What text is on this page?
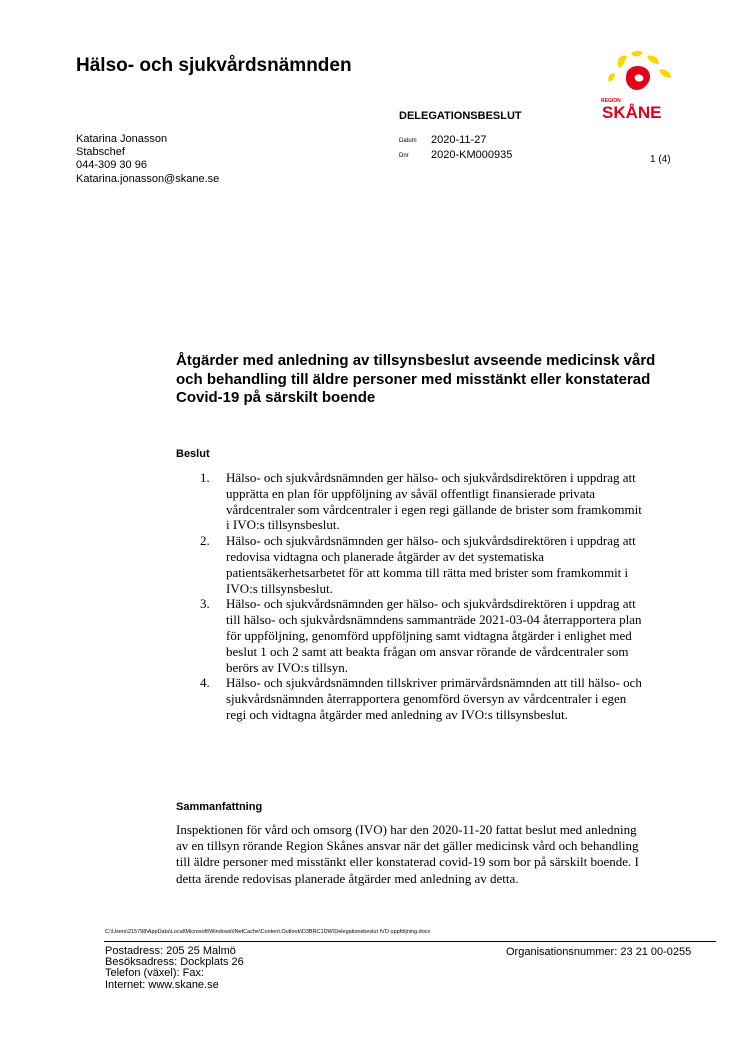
Hälso- och sjukvårdsnämnden
DELEGATIONSBESLUT
Katarina Jonasson
Stabschef
044-309 30 96
Katarina.jonasson@skane.se
Datum 2020-11-27
Dnr 2020-KM000935	1 (4)
REGION
SKÅNE
Åtgärder med anledning av tillsynsbeslut avseende medicinsk vård och behandling till äldre personer med misstänkt eller konstaterad Covid-19 på särskilt boende
Beslut
1. Hälso- och sjukvårdsnämnden ger hälso- och sjukvårdsdirektören i uppdrag att upprätta en plan för uppföljning av såväl offentligt finansierade privata vårdcentraler som vårdcentraler i egen regi gällande de brister som framkommit i IVO:s tillsynsbeslut.
2. Hälso- och sjukvårdsnämnden ger hälso- och sjukvårdsdirektören i uppdrag att redovisa vidtagna och planerade åtgärder av det systematiska patientsäkerhetsarbetet för att komma till rätta med brister som framkommit i IVO:s tillsynsbeslut.
3. Hälso- och sjukvårdsnämnden ger hälso- och sjukvårdsdirektören i uppdrag att till hälso- och sjukvårdsnämndens sammanträde 2021-03-04 återrapportera plan för uppföljning, genomförd uppföljning samt vidtagna åtgärder i enlighet med beslut 1 och 2 samt att beakta frågan om ansvar rörande de vårdcentraler som berörs av IVO:s tillsyn.
4. Hälso- och sjukvårdsnämnden tillskriver primärvårdsnämnden att till hälso- och sjukvårdsnämnden återrapportera genomförd översyn av vårdcentraler i egen regi och vidtagna åtgärder med anledning av IVO:s tillsynsbeslut.
Sammanfattning

Inspektionen för vård och omsorg (IVO) har den 2020-11-20 fattat beslut med anledning av en tillsyn rörande Region Skånes ansvar när det gäller medicinsk vård och behandling till äldre personer med misstänkt eller konstaterad covid-19 som bor på särskilt boende. I detta ärende redovisas planerade åtgärder med anledning av detta.

C:\Users\215798\AppData\Local\Microsoft\Windows\INetCache\Content.Outlook\D3BRC1DW\Delegationsbeslut IVO uppföljning.docx
Postadress: 205 25 Malmö
Besöksadress: Dockplats 26
Telefon (växel): Fax:
Internet: www.skane.se
Organisationsnummer: 23 21 00-0255
